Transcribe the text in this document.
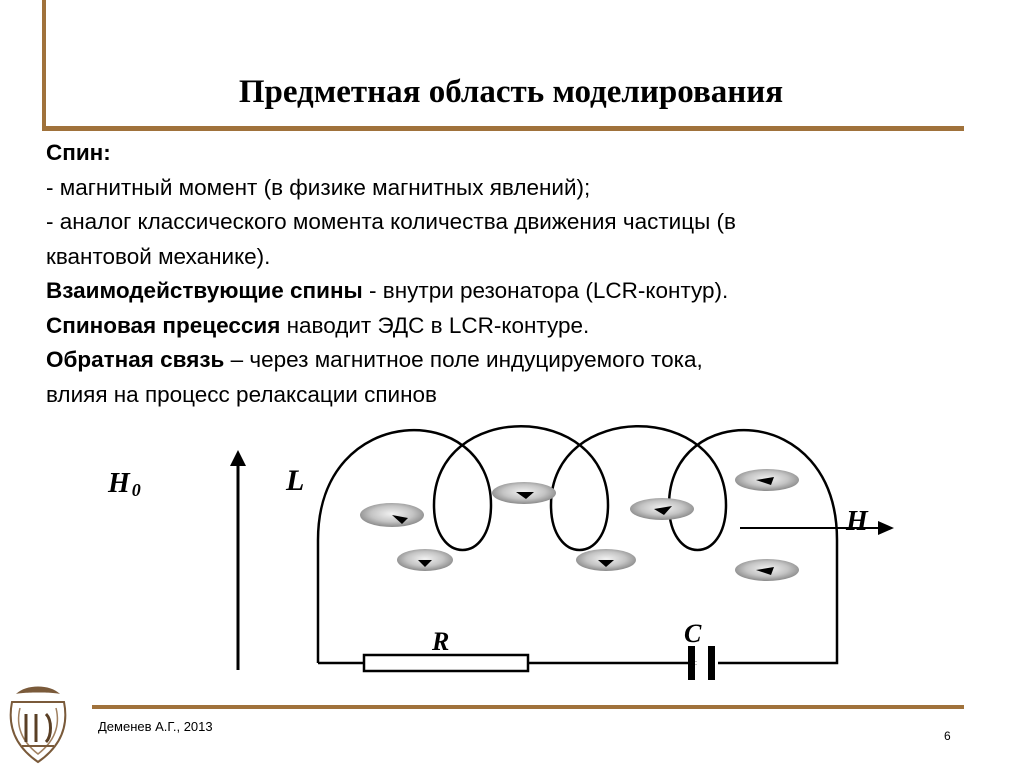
Предметная область моделирования

Спин:

- магнитный момент (в физике магнитных явлений);

- аналог классического момента количества движения частицы (в

квантовой механике).

Взаимодействующие спины - внутри резонатора (LCR-контур).

Спиновая прецессия наводит ЭДС в LCR-контуре.

Обратная связь – через магнитное поле индуцируемого тока,

влияя на процесс релаксации спинов

H 0	L
R	C
H
Деменев А.Г., 2013
6
